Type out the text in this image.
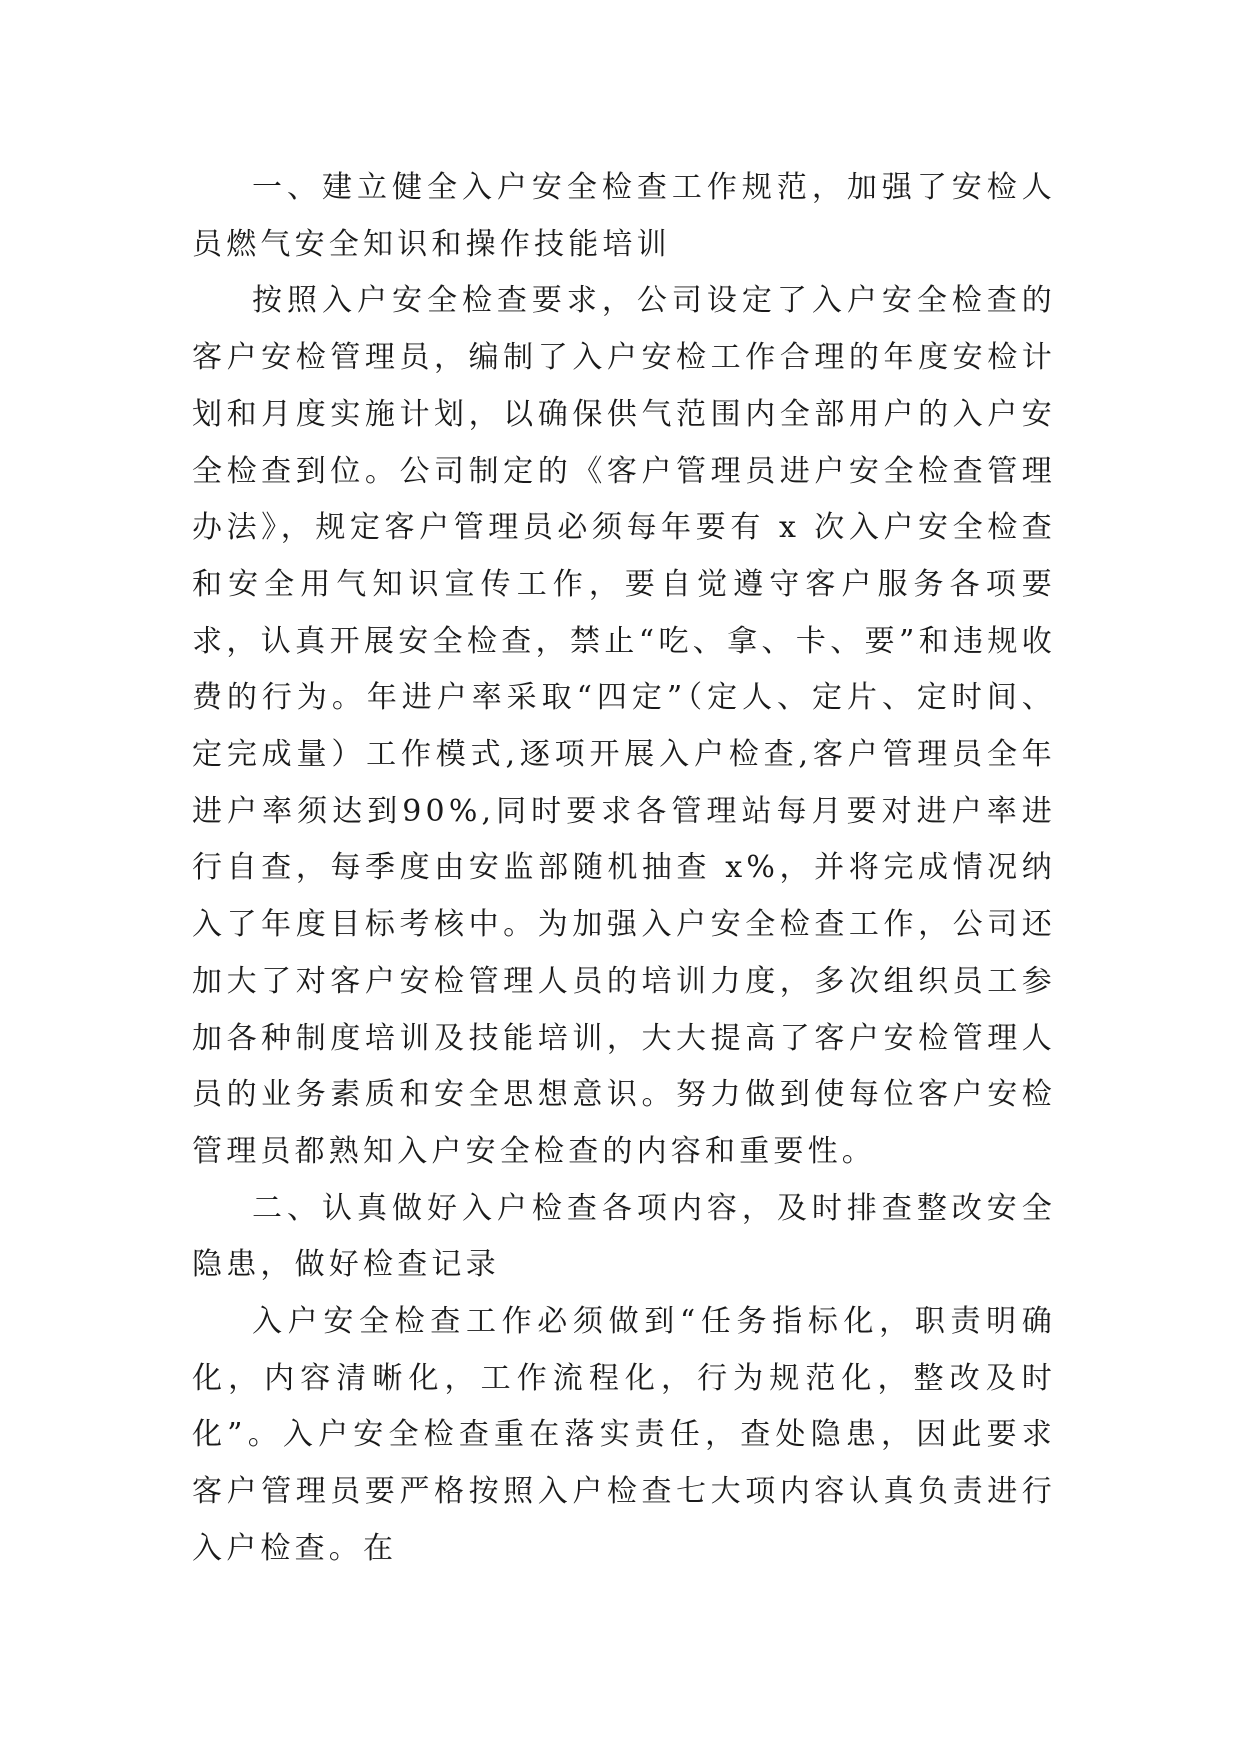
一、建立健全入户安全检查工作规范，加强了安检人员燃气安全知识和操作技能培训

按照入户安全检查要求，公司设定了入户安全检查的客户安检管理员，编制了入户安检工作合理的年度安检计划和月度实施计划，以确保供气范围内全部用户的入户安全检查到位。公司制定的《客户管理员进户安全检查管理办法》，规定客户管理员必须每年要有 x 次入户安全检查和安全用气知识宣传工作，要自觉遵守客户服务各项要求，认真开展安全检查，禁止“吃、拿、卡、要”和违规收费的行为。年进户率采取“四定”（定人、定片、定时间、定完成量）工作模式,逐项开展入户检查,客户管理员全年进户率须达到90%,同时要求各管理站每月要对进户率进行自查，每季度由安监部随机抽查 x%，并将完成情况纳入了年度目标考核中。为加强入户安全检查工作，公司还加大了对客户安检管理人员的培训力度，多次组织员工参加各种制度培训及技能培训，大大提高了客户安检管理人员的业务素质和安全思想意识。努力做到使每位客户安检管理员都熟知入户安全检查的内容和重要性。

二、认真做好入户检查各项内容，及时排查整改安全隐患，做好检查记录

入户安全检查工作必须做到“任务指标化，职责明确化，内容清晰化，工作流程化，行为规范化，整改及时化”。入户安全检查重在落实责任，查处隐患，因此要求客户管理员要严格按照入户检查七大项内容认真负责进行入户检查。在
